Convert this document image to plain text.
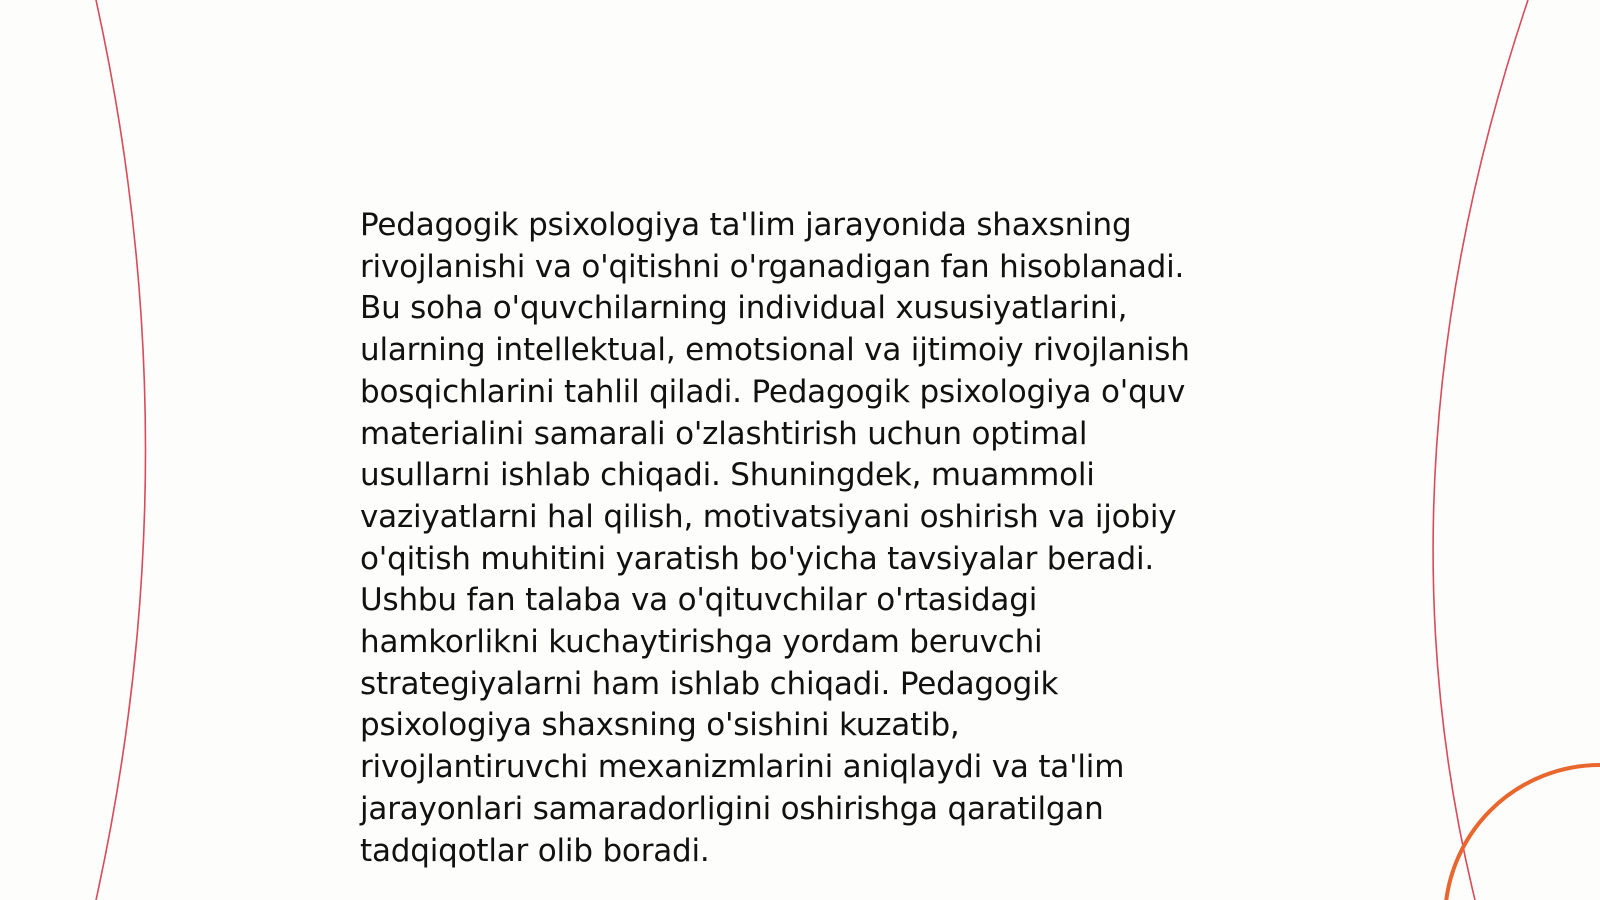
Pedagogik psixologiya ta'lim jarayonida shaxsning
rivojlanishi va o'qitishni o'rganadigan fan hisoblanadi.
Bu soha o'quvchilarning individual xususiyatlarini,
ularning intellektual, emotsional va ijtimoiy rivojlanish
bosqichlarini tahlil qiladi. Pedagogik psixologiya o'quv
materialini samarali o'zlashtirish uchun optimal
usullarni ishlab chiqadi. Shuningdek, muammoli
vaziyatlarni hal qilish, motivatsiyani oshirish va ijobiy
o'qitish muhitini yaratish bo'yicha tavsiyalar beradi.
Ushbu fan talaba va o'qituvchilar o'rtasidagi
hamkorlikni kuchaytirishga yordam beruvchi
strategiyalarni ham ishlab chiqadi. Pedagogik
psixologiya shaxsning o'sishini kuzatib,
rivojlantiruvchi mexanizmlarini aniqlaydi va ta'lim
jarayonlari samaradorligini oshirishga qaratilgan
tadqiqotlar olib boradi.
